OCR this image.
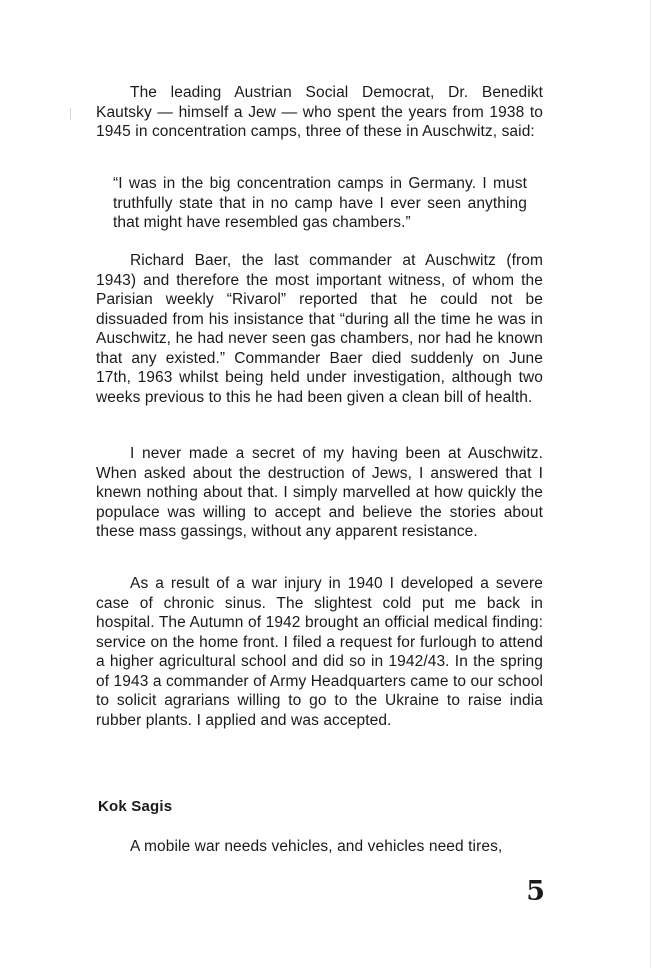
The leading Austrian Social Democrat, Dr. Benedikt Kautsky — himself a Jew — who spent the years from 1938 to 1945 in concentration camps, three of these in Auschwitz, said:

“I was in the big concentration camps in Germany. I must truthfully state that in no camp have I ever seen anything that might have resembled gas chambers.”

Richard Baer, the last commander at Auschwitz (from 1943) and therefore the most important witness, of whom the Parisian weekly “Rivarol” reported that he could not be dissuaded from his insistance that “during all the time he was in Auschwitz, he had never seen gas chambers, nor had he known that any existed.” Commander Baer died suddenly on June 17th, 1963 whilst being held under investigation, although two weeks previous to this he had been given a clean bill of health.

I never made a secret of my having been at Auschwitz. When asked about the destruction of Jews, I answered that I knewn nothing about that. I simply marvelled at how quickly the populace was willing to accept and believe the stories about these mass gassings, without any apparent resistance.

As a result of a war injury in 1940 I developed a severe case of chronic sinus. The slightest cold put me back in hospital. The Autumn of 1942 brought an official medical finding: service on the home front. I filed a request for furlough to attend a higher agricultural school and did so in 1942/43. In the spring of 1943 a commander of Army Headquarters came to our school to solicit agrarians willing to go to the Ukraine to raise india rubber plants. I applied and was accepted.

Kok Sagis

A mobile war needs vehicles, and vehicles need tires,

5
